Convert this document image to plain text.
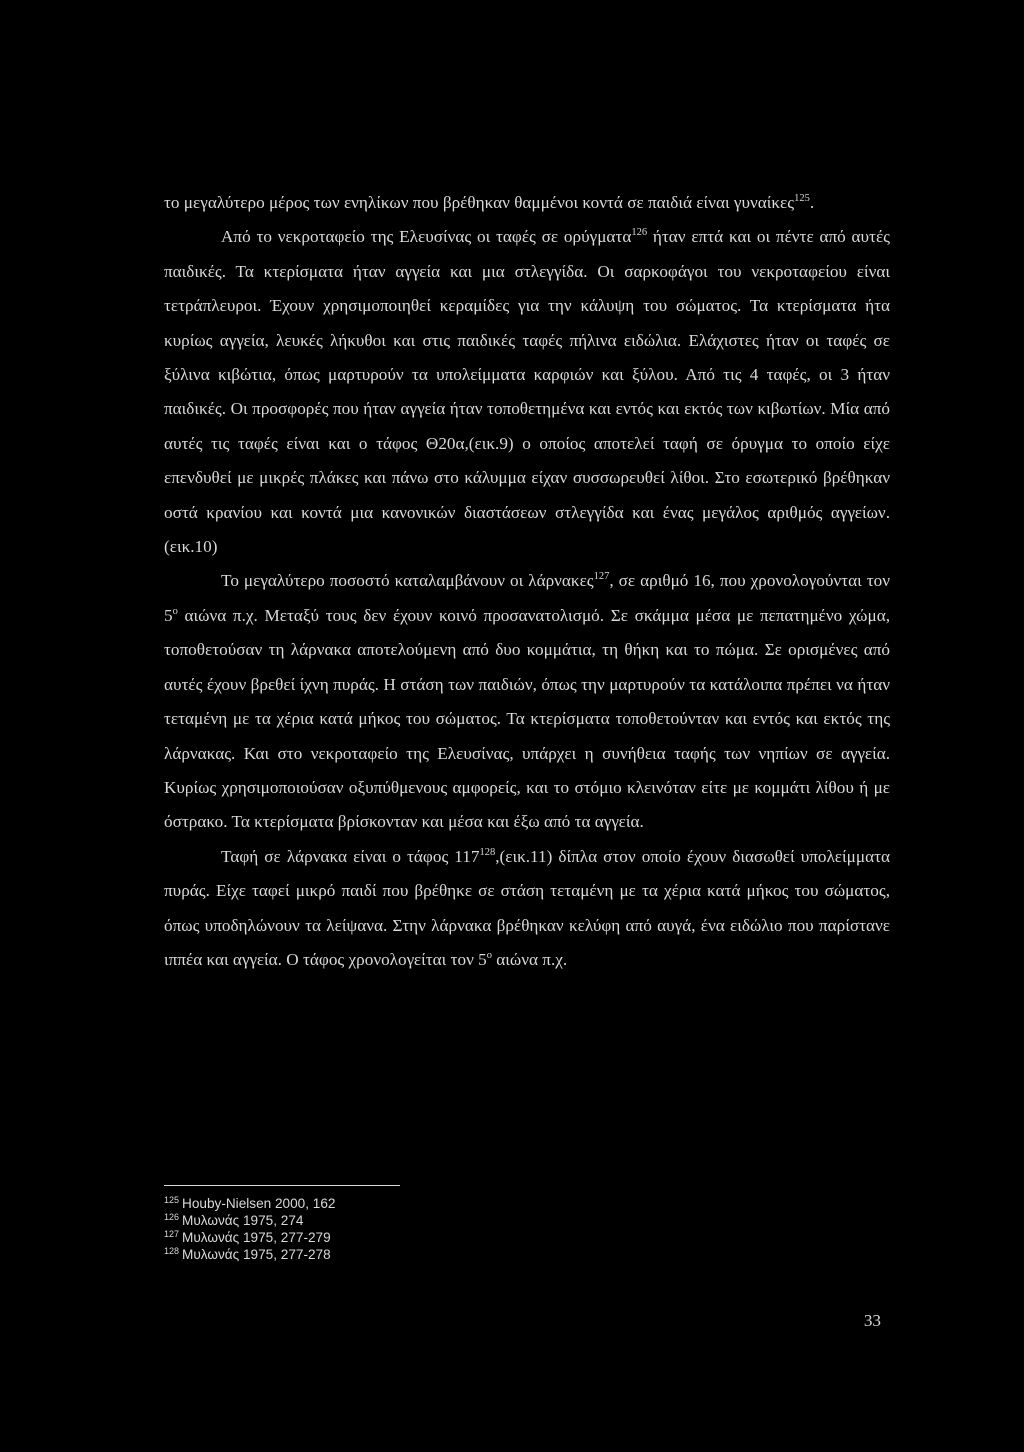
το μεγαλύτερο μέρος των ενηλίκων που βρέθηκαν θαμμένοι κοντά σε παιδιά είναι γυναίκες$^{125}$.

Από το νεκροταφείο της Ελευσίνας οι ταφές σε ορύγματα$^{126}$ ήταν επτά και οι πέντε από αυτές παιδικές. Τα κτερίσματα ήταν αγγεία και μια στλεγγίδα. Οι σαρκοφάγοι του νεκροταφείου είναι τετράπλευροι. Έχουν χρησιμοποιηθεί κεραμίδες για την κάλυψη του σώματος. Τα κτερίσματα ήτα κυρίως αγγεία, λευκές λήκυθοι και στις παιδικές ταφές πήλινα ειδώλια. Ελάχιστες ήταν οι ταφές σε ξύλινα κιβώτια, όπως μαρτυρούν τα υπολείμματα καρφιών και ξύλου. Από τις 4 ταφές, οι 3 ήταν παιδικές. Οι προσφορές που ήταν αγγεία ήταν τοποθετημένα και εντός και εκτός των κιβωτίων. Μία από αυτές τις ταφές είναι και ο τάφος Θ20α,(εικ.9) ο οποίος αποτελεί ταφή σε όρυγμα το οποίο είχε επενδυθεί με μικρές πλάκες και πάνω στο κάλυμμα είχαν συσσωρευθεί λίθοι. Στο εσωτερικό βρέθηκαν οστά κρανίου και κοντά μια κανονικών διαστάσεων στλεγγίδα και ένας μεγάλος αριθμός αγγείων.(εικ.10)

Το μεγαλύτερο ποσοστό καταλαμβάνουν οι λάρνακες$^{127}$, σε αριθμό 16, που χρονολογούνται τον $5^o$ αιώνα π.χ. Μεταξύ τους δεν έχουν κοινό προσανατολισμό. Σε σκάμμα μέσα με πεπατημένο χώμα, τοποθετούσαν τη λάρνακα αποτελούμενη από δυο κομμάτια, τη θήκη και το πώμα. Σε ορισμένες από αυτές έχουν βρεθεί ίχνη πυράς. Η στάση των παιδιών, όπως την μαρτυρούν τα κατάλοιπα πρέπει να ήταν τεταμένη με τα χέρια κατά μήκος του σώματος. Τα κτερίσματα τοποθετούνταν και εντός και εκτός της λάρνακας. Και στο νεκροταφείο της Ελευσίνας, υπάρχει η συνήθεια ταφής των νηπίων σε αγγεία. Κυρίως χρησιμοποιούσαν οξυπύθμενους αμφορείς, και το στόμιο κλεινόταν είτε με κομμάτι λίθου ή με όστρακο. Τα κτερίσματα βρίσκονταν και μέσα και έξω από τα αγγεία.

Ταφή σε λάρνακα είναι ο τάφος $117^{128},(\varepsilon\iota\kappa.11)$ δίπλα στον οποίο έχουν διασωθεί υπολείμματα πυράς. Είχε ταφεί μικρό παιδί που βρέθηκε σε στάση τεταμένη με τα χέρια κατά μήκος του σώματος, όπως υποδηλώνουν τα λείψανα. Στην λάρνακα βρέθηκαν κελύφη από αυγά, ένα ειδώλιο που παρίστανε ιππέα και αγγεία. Ο τάφος χρονολογείται τον $5^o$ αιώνα π.χ.

$^{125}$ Houby-Nielsen 2000, 162
$^{126}$ Μυλωνάς 1975, 274
$^{127}$ Μυλωνάς 1975, 277-279
$^{128}$ Μυλωνάς 1975, 277-278
33
